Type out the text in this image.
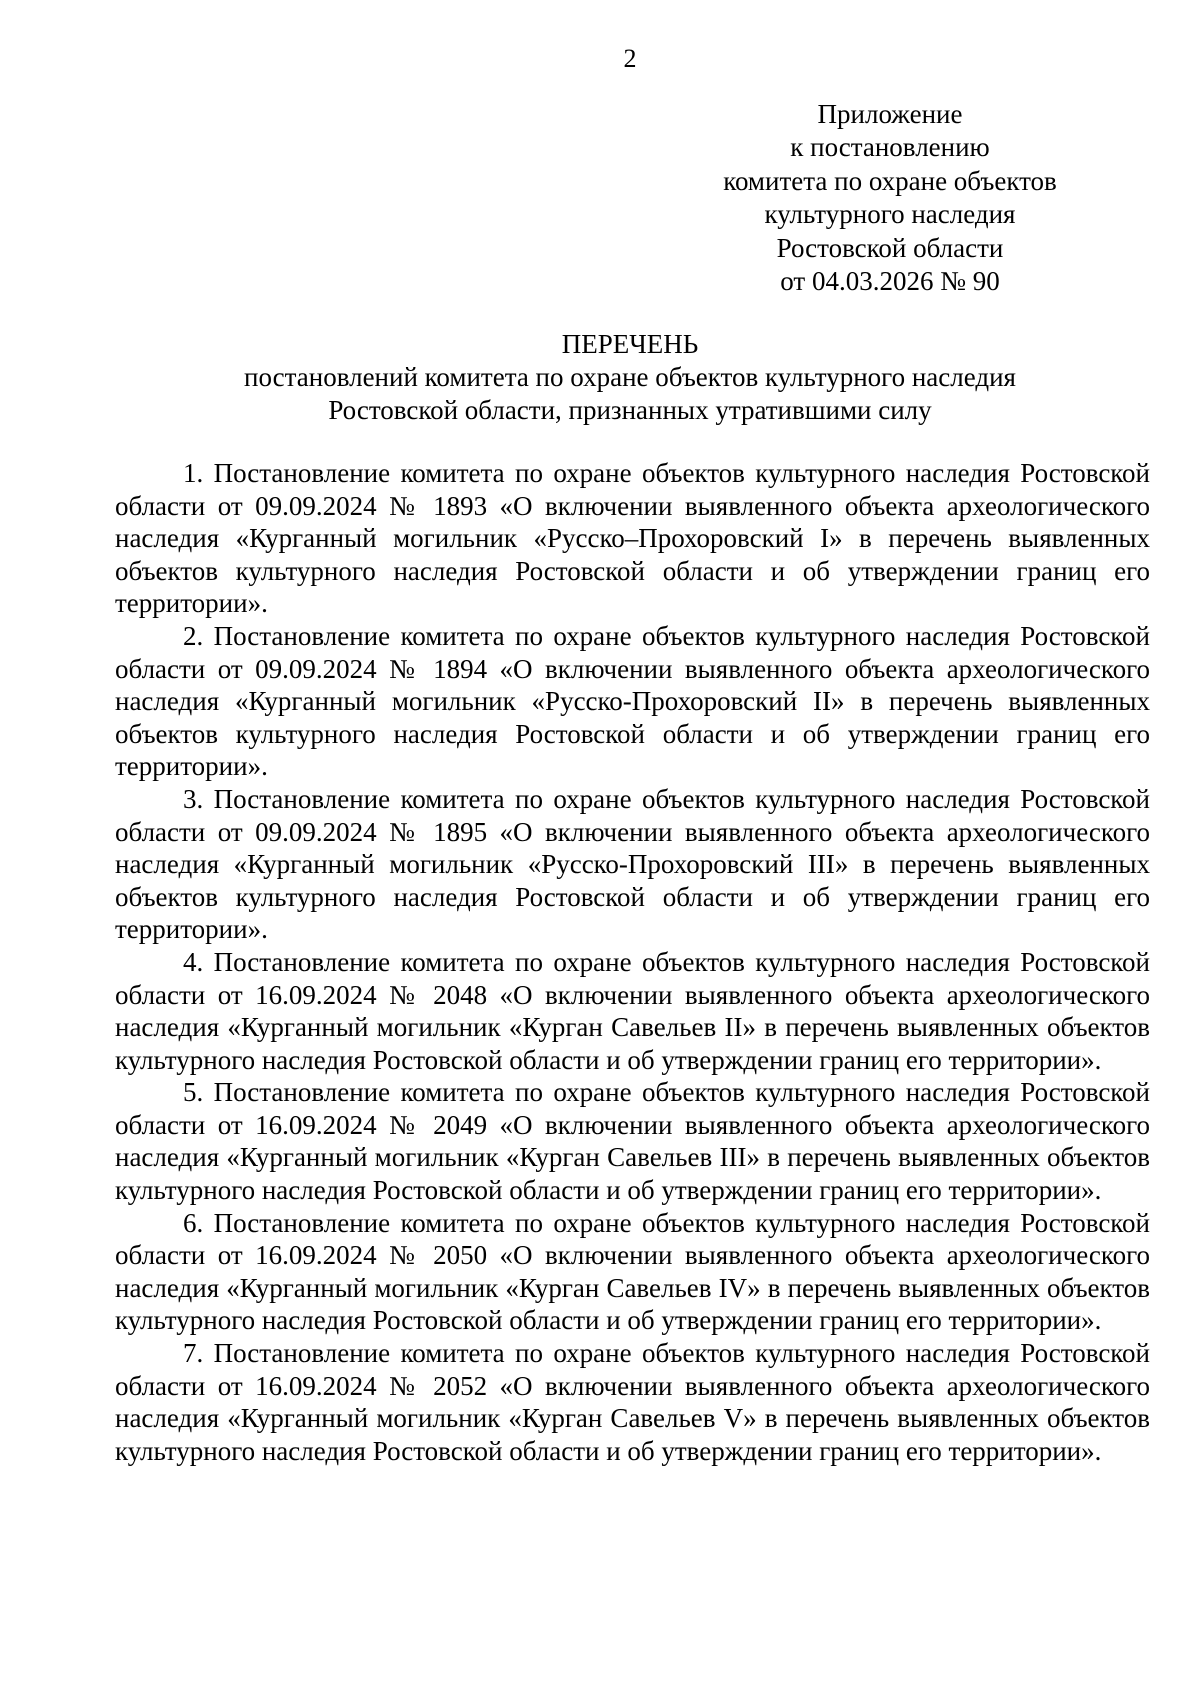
2
Приложение
к постановлению
комитета по охране объектов
культурного наследия
Ростовской области
от 04.03.2026 № 90
ПЕРЕЧЕНЬ
постановлений комитета по охране объектов культурного наследия
Ростовской области, признанных утратившими силу

1. Постановление комитета по охране объектов культурного наследия Ростовской области от 09.09.2024 № 1893 «О включении выявленного объекта археологического наследия «Курганный могильник «Русско–Прохоровский I» в перечень выявленных объектов культурного наследия Ростовской области и об утверждении границ его территории».

2. Постановление комитета по охране объектов культурного наследия Ростовской области от 09.09.2024 № 1894 «О включении выявленного объекта археологического наследия «Курганный могильник «Русско-Прохоровский II» в перечень выявленных объектов культурного наследия Ростовской области и об утверждении границ его территории».

3. Постановление комитета по охране объектов культурного наследия Ростовской области от 09.09.2024 № 1895 «О включении выявленного объекта археологического наследия «Курганный могильник «Русско-Прохоровский III» в перечень выявленных объектов культурного наследия Ростовской области и об утверждении границ его территории».

4. Постановление комитета по охране объектов культурного наследия Ростовской области от 16.09.2024 № 2048 «О включении выявленного объекта археологического наследия «Курганный могильник «Курган Савельев II» в перечень выявленных объектов культурного наследия Ростовской области и об утверждении границ его территории».

5. Постановление комитета по охране объектов культурного наследия Ростовской области от 16.09.2024 № 2049 «О включении выявленного объекта археологического наследия «Курганный могильник «Курган Савельев III» в перечень выявленных объектов культурного наследия Ростовской области и об утверждении границ его территории».

6. Постановление комитета по охране объектов культурного наследия Ростовской области от 16.09.2024 № 2050 «О включении выявленного объекта археологического наследия «Курганный могильник «Курган Савельев IV» в перечень выявленных объектов культурного наследия Ростовской области и об утверждении границ его территории».

7. Постановление комитета по охране объектов культурного наследия Ростовской области от 16.09.2024 № 2052 «О включении выявленного объекта археологического наследия «Курганный могильник «Курган Савельев V» в перечень выявленных объектов культурного наследия Ростовской области и об утверждении границ его территории».
